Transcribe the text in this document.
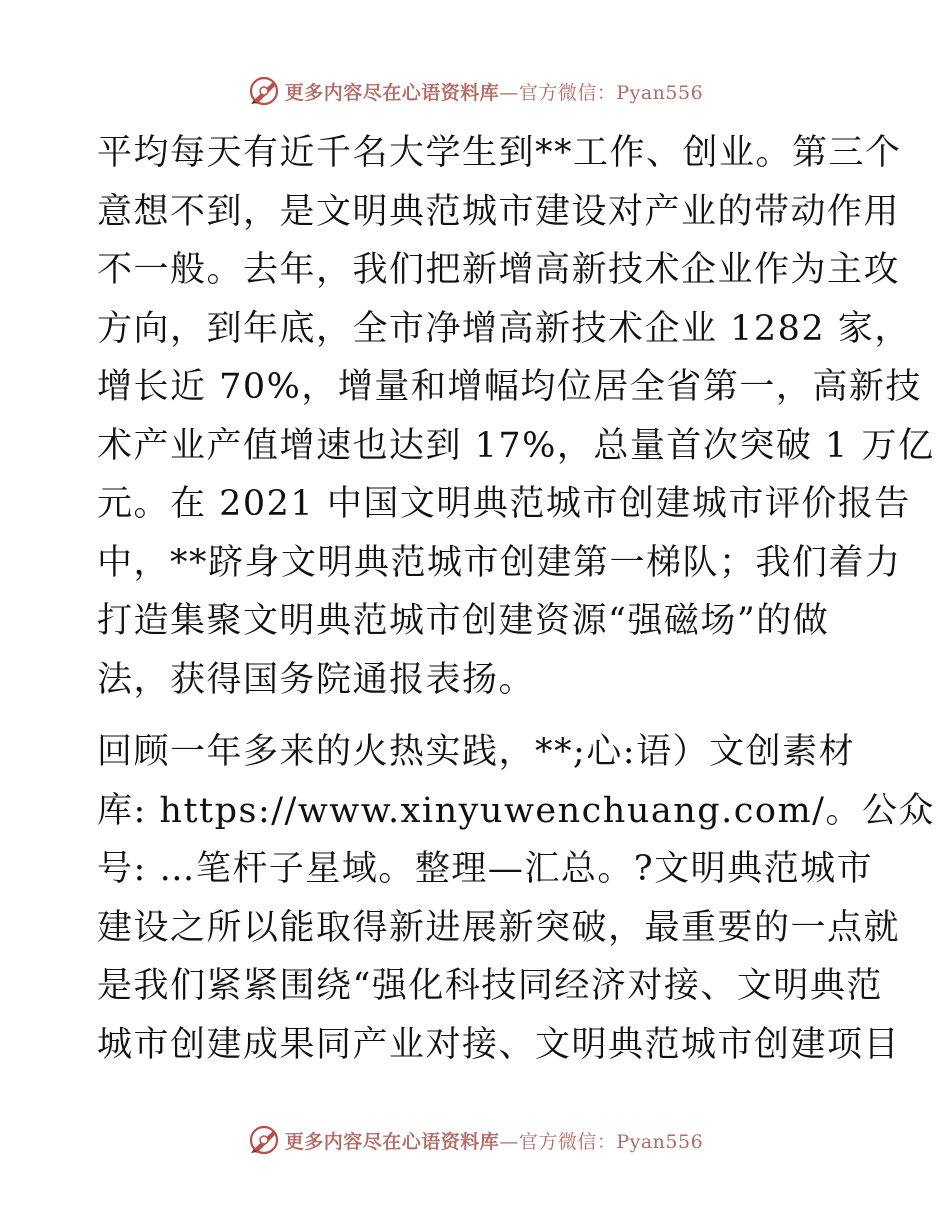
更多内容尽在心语资料库—官方微信：Pyan556
平均每天有近千名大学生到**工作、创业。第三个
意想不到，是文明典范城市建设对产业的带动作用
不一般。去年，我们把新增高新技术企业作为主攻
方向，到年底，全市净增高新技术企业 1282 家，
增长近 70%，增量和增幅均位居全省第一，高新技
术产业产值增速也达到 17%，总量首次突破 1 万亿
元。在 2021 中国文明典范城市创建城市评价报告
中，**跻身文明典范城市创建第一梯队；我们着力
打造集聚文明典范城市创建资源“强磁场”的做
法，获得国务院通报表扬。
回顾一年多来的火热实践，**;心:语）文创素材
库: https://www.xinyuwenchuang.com/。公众
号: …笔杆子星域。整理—汇总。?文明典范城市
建设之所以能取得新进展新突破，最重要的一点就
是我们紧紧围绕“强化科技同经济对接、文明典范
城市创建成果同产业对接、文明典范城市创建项目
更多内容尽在心语资料库—官方微信：Pyan556
